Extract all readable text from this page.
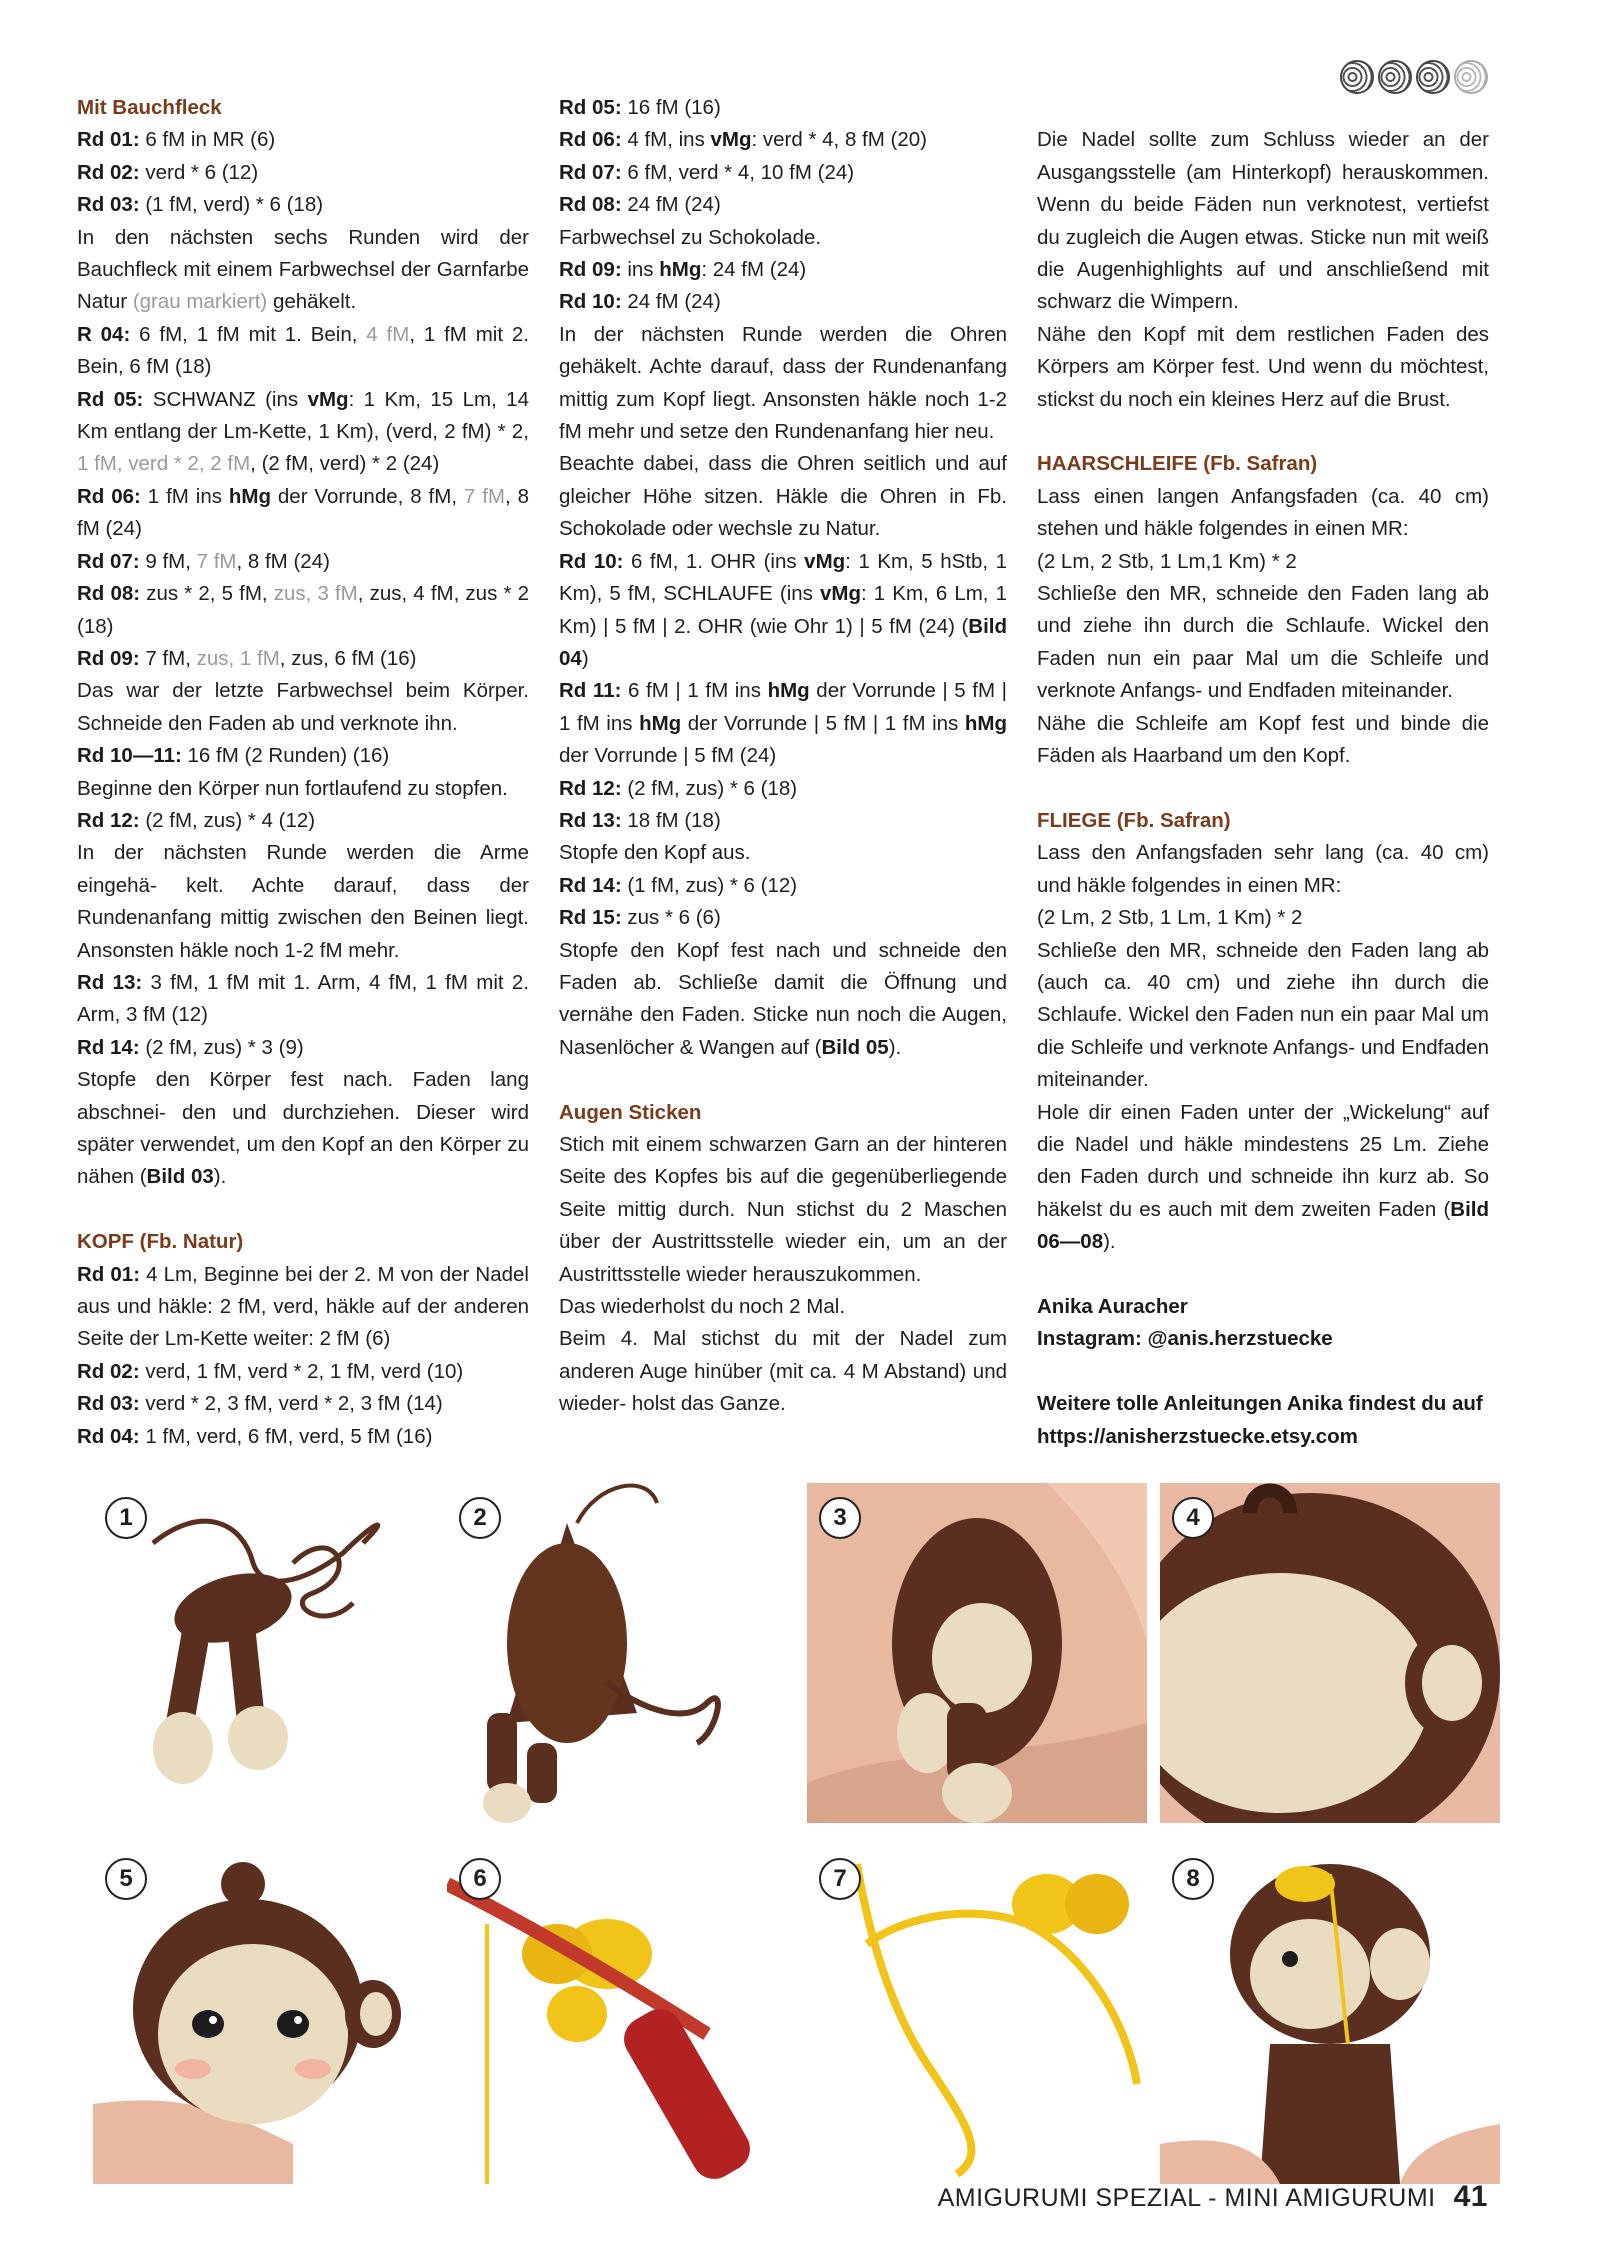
Mit Bauchfleck

Rd 01: 6 fM in MR (6)

Rd 02: verd * 6 (12)

Rd 03: (1 fM, verd) * 6 (18)

In den nächsten sechs Runden wird der Bauchfleck mit einem Farbwechsel der Garnfarbe Natur (grau markiert) gehäkelt.

R 04: 6 fM, 1 fM mit 1. Bein, 4 fM, 1 fM mit 2. Bein, 6 fM (18)

Rd 05: SCHWANZ (ins vMg: 1 Km, 15 Lm, 14 Km entlang der Lm-Kette, 1 Km), (verd, 2 fM) * 2, 1 fM, verd * 2, 2 fM, (2 fM, verd) * 2 (24)

Rd 06: 1 fM ins hMg der Vorrunde, 8 fM, 7 fM, 8 fM (24)

Rd 07: 9 fM, 7 fM, 8 fM (24)

Rd 08: zus * 2, 5 fM, zus, 3 fM, zus, 4 fM, zus * 2 (18)

Rd 09: 7 fM, zus, 1 fM, zus, 6 fM (16)

Das war der letzte Farbwechsel beim Körper. Schneide den Faden ab und verknote ihn.

Rd 10—11: 16 fM (2 Runden) (16)

Beginne den Körper nun fortlaufend zu stopfen.

Rd 12: (2 fM, zus) * 4 (12)

In der nächsten Runde werden die Arme eingehä- kelt. Achte darauf, dass der Rundenanfang mittig zwischen den Beinen liegt. Ansonsten häkle noch 1-2 fM mehr.

Rd 13: 3 fM, 1 fM mit 1. Arm, 4 fM, 1 fM mit 2. Arm, 3 fM (12)

Rd 14: (2 fM, zus) * 3 (9)

Stopfe den Körper fest nach. Faden lang abschnei- den und durchziehen. Dieser wird später verwendet, um den Kopf an den Körper zu nähen (Bild 03).

KOPF (Fb. Natur)

Rd 01: 4 Lm, Beginne bei der 2. M von der Nadel aus und häkle: 2 fM, verd, häkle auf der anderen Seite der Lm-Kette weiter: 2 fM (6)

Rd 02: verd, 1 fM, verd * 2, 1 fM, verd (10)

Rd 03: verd * 2, 3 fM, verd * 2, 3 fM (14)

Rd 04: 1 fM, verd, 6 fM, verd, 5 fM (16)

Rd 05: 16 fM (16)

Rd 06: 4 fM, ins vMg: verd * 4, 8 fM (20)

Rd 07: 6 fM, verd * 4, 10 fM (24)

Rd 08: 24 fM (24)

Farbwechsel zu Schokolade.

Rd 09: ins hMg: 24 fM (24)

Rd 10: 24 fM (24)

In der nächsten Runde werden die Ohren gehäkelt. Achte darauf, dass der Rundenanfang mittig zum Kopf liegt. Ansonsten häkle noch 1-2 fM mehr und setze den Rundenanfang hier neu.

Beachte dabei, dass die Ohren seitlich und auf gleicher Höhe sitzen. Häkle die Ohren in Fb. Schokolade oder wechsle zu Natur.

Rd 10: 6 fM, 1. OHR (ins vMg: 1 Km, 5 hStb, 1 Km), 5 fM, SCHLAUFE (ins vMg: 1 Km, 6 Lm, 1 Km) | 5 fM | 2. OHR (wie Ohr 1) | 5 fM (24) (Bild 04)

Rd 11: 6 fM | 1 fM ins hMg der Vorrunde | 5 fM | 1 fM ins hMg der Vorrunde | 5 fM | 1 fM ins hMg der Vorrunde | 5 fM (24)

Rd 12: (2 fM, zus) * 6 (18)

Rd 13: 18 fM (18)

Stopfe den Kopf aus.

Rd 14: (1 fM, zus) * 6 (12)

Rd 15: zus * 6 (6)

Stopfe den Kopf fest nach und schneide den Faden ab. Schließe damit die Öffnung und vernähe den Faden. Sticke nun noch die Augen, Nasenlöcher & Wangen auf (Bild 05).

Augen Sticken

Stich mit einem schwarzen Garn an der hinteren Seite des Kopfes bis auf die gegenüberliegende Seite mittig durch. Nun stichst du 2 Maschen über der Austrittsstelle wieder ein, um an der Austrittsstelle wieder herauszukommen.

Das wiederholst du noch 2 Mal.

Beim 4. Mal stichst du mit der Nadel zum anderen Auge hinüber (mit ca. 4 M Abstand) und wieder- holst das Ganze.

Die Nadel sollte zum Schluss wieder an der Ausgangsstelle (am Hinterkopf) herauskommen. Wenn du beide Fäden nun verknotest, vertiefst du zugleich die Augen etwas. Sticke nun mit weiß die Augenhighlights auf und anschließend mit schwarz die Wimpern.

Nähe den Kopf mit dem restlichen Faden des Körpers am Körper fest. Und wenn du möchtest, stickst du noch ein kleines Herz auf die Brust.

HAARSCHLEIFE (Fb. Safran)

Lass einen langen Anfangsfaden (ca. 40 cm) stehen und häkle folgendes in einen MR:

(2 Lm, 2 Stb, 1 Lm,1 Km) * 2

Schließe den MR, schneide den Faden lang ab und ziehe ihn durch die Schlaufe. Wickel den Faden nun ein paar Mal um die Schleife und verknote Anfangs- und Endfaden miteinander.

Nähe die Schleife am Kopf fest und binde die Fäden als Haarband um den Kopf.

FLIEGE (Fb. Safran)

Lass den Anfangsfaden sehr lang (ca. 40 cm) und häkle folgendes in einen MR:

(2 Lm, 2 Stb, 1 Lm, 1 Km) * 2

Schließe den MR, schneide den Faden lang ab (auch ca. 40 cm) und ziehe ihn durch die Schlaufe. Wickel den Faden nun ein paar Mal um die Schleife und verknote Anfangs- und Endfaden miteinander.

Hole dir einen Faden unter der „Wickelung“ auf die Nadel und häkle mindestens 25 Lm. Ziehe den Faden durch und schneide ihn kurz ab. So häkelst du es auch mit dem zweiten Faden (Bild 06—08).

Anika Auracher

Instagram: @anis.herzstuecke

Weitere tolle Anleitungen Anika findest du auf

https://anisherzstuecke.etsy.com

1	2	3	4
5	6	7	8
AMIGURUMI SPEZIAL - MINI AMIGURUMI 41
